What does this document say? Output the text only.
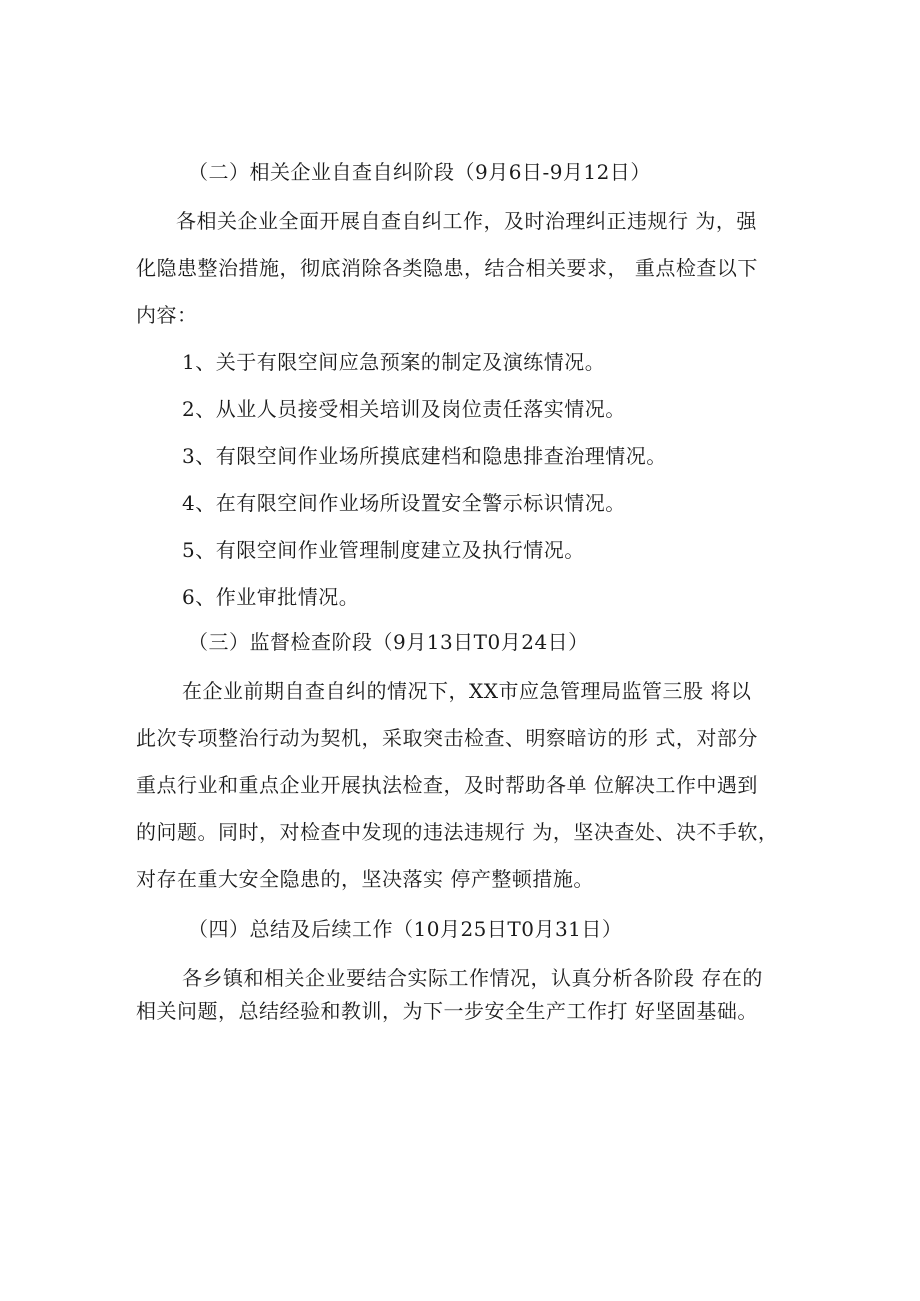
（二）相关企业自查自纠阶段（9月6日-9月12日）
各相关企业全面开展自查自纠工作，及时治理纠正违规行 为，强
化隐患整治措施，彻底消除各类隐患，结合相关要求， 重点检查以下
内容：
1、关于有限空间应急预案的制定及演练情况。
2、从业人员接受相关培训及岗位责任落实情况。
3、有限空间作业场所摸底建档和隐患排查治理情况。
4、在有限空间作业场所设置安全警示标识情况。
5、有限空间作业管理制度建立及执行情况。
6、作业审批情况。
（三）监督检查阶段（9月13日T0月24日）
在企业前期自查自纠的情况下，XX市应急管理局监管三股 将以
此次专项整治行动为契机，采取突击检查、明察暗访的形 式，对部分
重点行业和重点企业开展执法检查，及时帮助各单 位解决工作中遇到
的问题。同时，对检查中发现的违法违规行 为，坚决查处、决不手软，
对存在重大安全隐患的，坚决落实 停产整顿措施。
（四）总结及后续工作（10月25日T0月31日）
各乡镇和相关企业要结合实际工作情况，认真分析各阶段 存在的
相关问题，总结经验和教训，为下一步安全生产工作打 好坚固基础。
